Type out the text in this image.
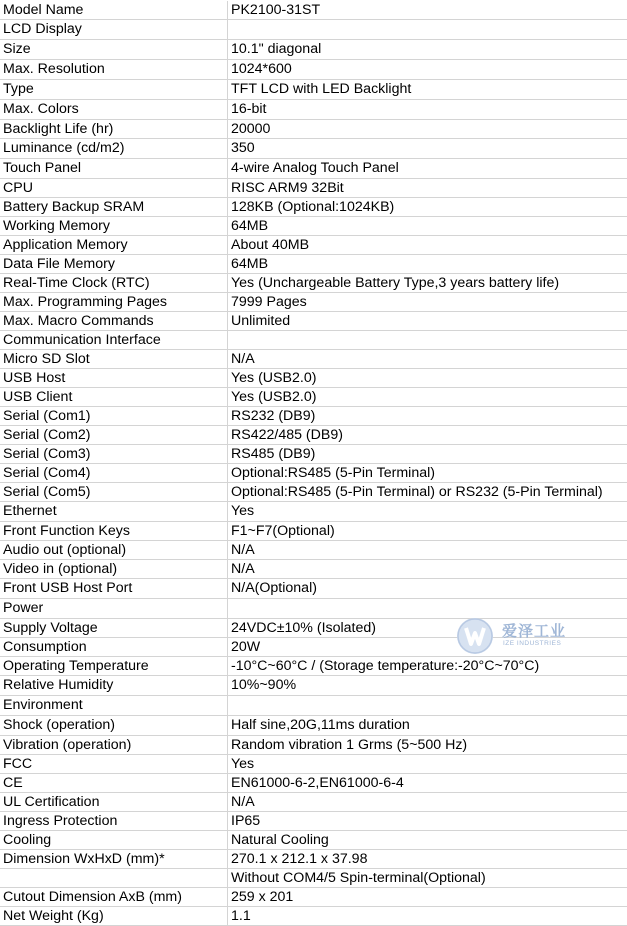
Model Name	PK2100-31ST
LCD Display	
Size	10.1" diagonal
Max. Resolution	1024*600
Type	TFT LCD with LED Backlight
Max. Colors	16-bit
Backlight Life (hr)	20000
Luminance (cd/m2)	350
Touch Panel	4-wire Analog Touch Panel
CPU	RISC ARM9 32Bit
Battery Backup SRAM	128KB (Optional:1024KB)
Working Memory	64MB
Application Memory	About 40MB
Data File Memory	64MB
Real-Time Clock (RTC)	Yes (Unchargeable Battery Type,3 years battery life)
Max. Programming Pages	7999 Pages
Max. Macro Commands	Unlimited
Communication Interface	
Micro SD Slot	N/A
USB Host	Yes (USB2.0)
USB Client	Yes (USB2.0)
Serial (Com1)	RS232 (DB9)
Serial (Com2)	RS422/485 (DB9)
Serial (Com3)	RS485 (DB9)
Serial (Com4)	Optional:RS485 (5-Pin Terminal)
Serial (Com5)	Optional:RS485 (5-Pin Terminal) or RS232 (5-Pin Terminal)
Ethernet	Yes
Front Function Keys	F1~F7(Optional)
Audio out (optional)	N/A
Video in (optional)	N/A
Front USB Host Port	N/A(Optional)
Power	
Supply Voltage	24VDC±10% (Isolated)
Consumption	20W
Operating Temperature	-10°C~60°C / (Storage temperature:-20°C~70°C)
Relative Humidity	10%~90%
Environment	
Shock (operation)	Half sine,20G,11ms duration
Vibration (operation)	Random vibration 1 Grms (5~500 Hz)
FCC	Yes
CE	EN61000-6-2,EN61000-6-4
UL Certification	N/A
Ingress Protection	IP65
Cooling	Natural Cooling
Dimension WxHxD (mm)*	270.1 x 212.1 x 37.98
	Without COM4/5 Spin-terminal(Optional)
Cutout Dimension AxB (mm)	259 x 201
Net Weight (Kg)	1.1
爱泽工业
IZE INDUSTRIES
